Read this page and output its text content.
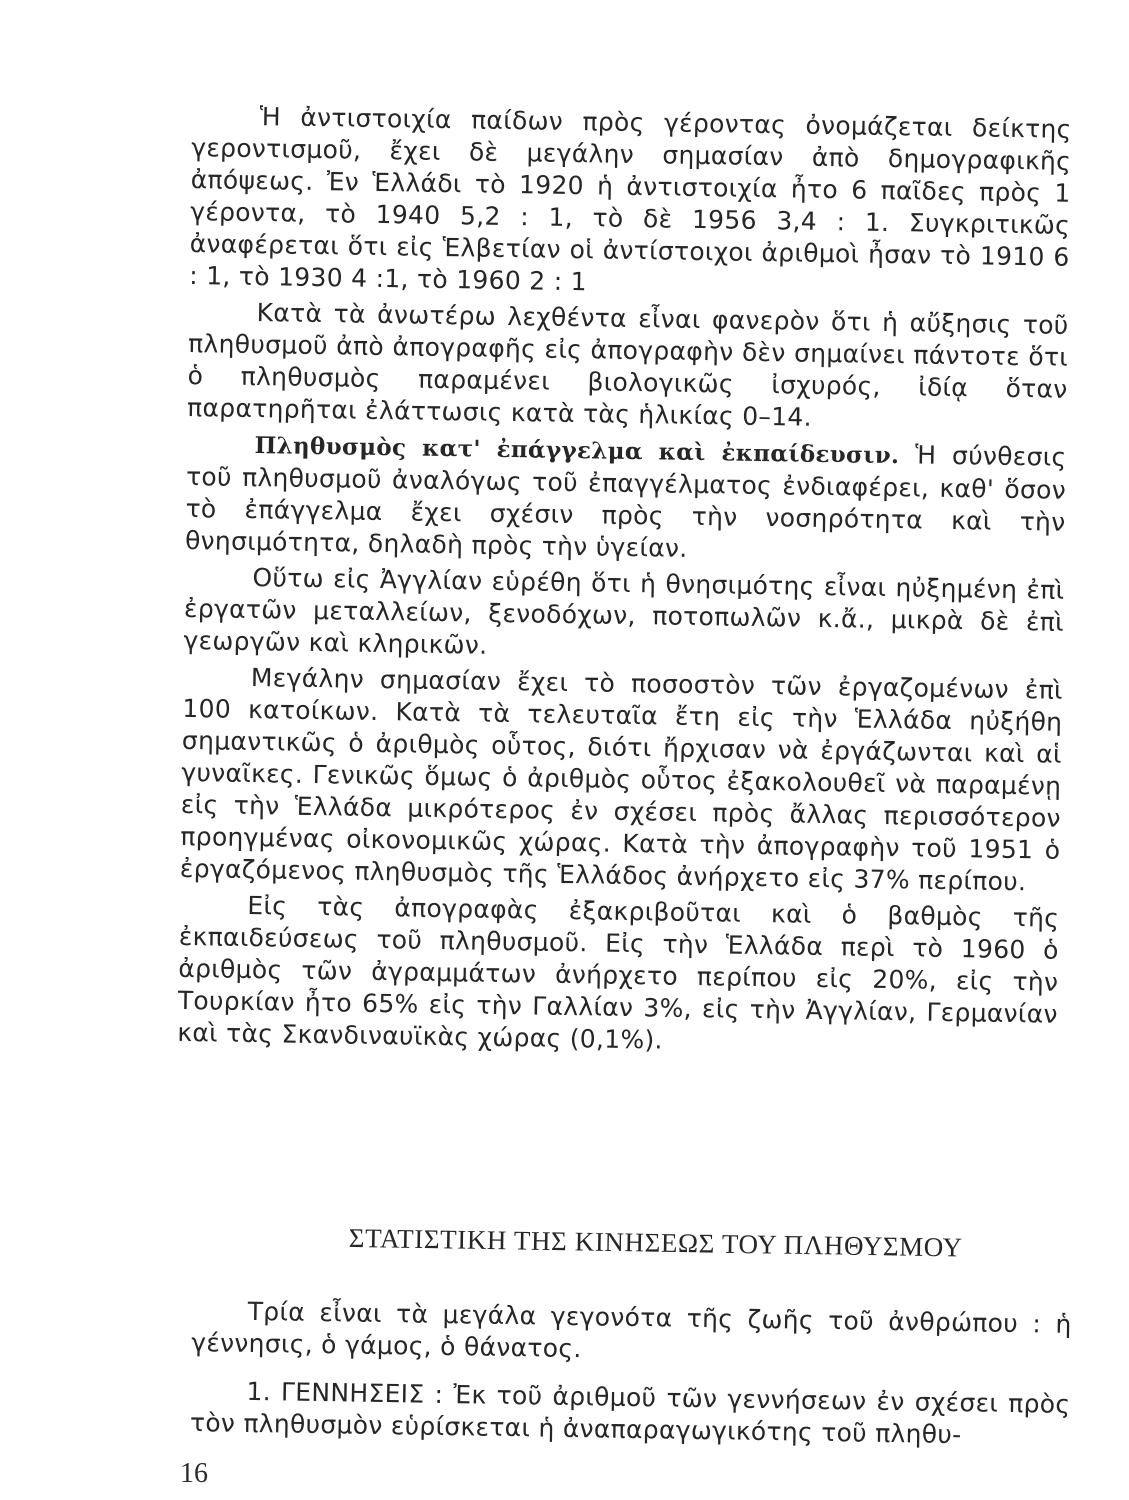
Ἡ ἀντιστοιχία παίδων πρὸς γέροντας ὀνομάζεται δείκτης γεροντισμοῦ, ἔχει δὲ μεγάλην σημασίαν ἀπὸ δημογραφικῆς ἀπόψεως. Ἐν Ἑλλάδι τὸ 1920 ἡ ἀντιστοιχία ἦτο 6 παῖδες πρὸς 1 γέροντα, τὸ 1940 5,2 : 1, τὸ δὲ 1956 3,4 : 1. Συγκριτικῶς ἀναφέρεται ὅτι εἰς Ἑλβετίαν οἱ ἀντίστοιχοι ἀριθμοὶ ἦσαν τὸ 1910 6 : 1, τὸ 1930 4 :1, τὸ 1960 2 : 1

Κατὰ τὰ ἀνωτέρω λεχθέντα εἶναι φανερὸν ὅτι ἡ αὔξησις τοῦ πληθυσμοῦ ἀπὸ ἀπογραφῆς εἰς ἀπογραφὴν δὲν σημαίνει πάντοτε ὅτι ὁ πληθυσμὸς παραμένει βιολογικῶς ἰσχυρός, ἰδίᾳ ὅταν παρατηρῆται ἐλάττωσις κατὰ τὰς ἡλικίας 0–14.

Πληθυσμὸς κατ' ἐπάγγελμα καὶ ἐκπαίδευσιν. Ἡ σύνθεσις τοῦ πληθυσμοῦ ἀναλόγως τοῦ ἐπαγγέλματος ἐνδιαφέρει, καθ' ὅσον τὸ ἐπάγγελμα ἔχει σχέσιν πρὸς τὴν νοσηρότητα καὶ τὴν θνησιμότητα, δηλαδὴ πρὸς τὴν ὑγείαν.

Οὕτω εἰς Ἀγγλίαν εὑρέθη ὅτι ἡ θνησιμότης εἶναι ηὐξημένη ἐπὶ ἐργατῶν μεταλλείων, ξενοδόχων, ποτοπωλῶν κ.ἄ., μικρὰ δὲ ἐπὶ γεωργῶν καὶ κληρικῶν.

Μεγάλην σημασίαν ἔχει τὸ ποσοστὸν τῶν ἐργαζομένων ἐπὶ 100 κατοίκων. Κατὰ τὰ τελευταῖα ἔτη εἰς τὴν Ἑλλάδα ηὐξήθη σημαντικῶς ὁ ἀριθμὸς οὗτος, διότι ἤρχισαν νὰ ἐργάζωνται καὶ αἱ γυναῖκες. Γενικῶς ὅμως ὁ ἀριθμὸς οὗτος ἐξακολουθεῖ νὰ παραμένῃ εἰς τὴν Ἑλλάδα μικρότερος ἐν σχέσει πρὸς ἄλλας περισσότερον προηγμένας οἰκονομικῶς χώρας. Κατὰ τὴν ἀπογραφὴν τοῦ 1951 ὁ ἐργαζόμενος πληθυσμὸς τῆς Ἑλλάδος ἀνήρχετο εἰς 37% περίπου.

Εἰς τὰς ἀπογραφὰς ἐξακριβοῦται καὶ ὁ βαθμὸς τῆς ἐκπαιδεύσεως τοῦ πληθυσμοῦ. Εἰς τὴν Ἑλλάδα περὶ τὸ 1960 ὁ ἀριθμὸς τῶν ἀγραμμάτων ἀνήρχετο περίπου εἰς 20%, εἰς τὴν Τουρκίαν ἦτο 65% εἰς τὴν Γαλλίαν 3%, εἰς τὴν Ἀγγλίαν, Γερμανίαν καὶ τὰς Σκανδιναυϊκὰς χώρας (0,1%).

ΣΤΑΤΙΣΤΙΚΗ ΤΗΣ ΚΙΝΗΣΕΩΣ ΤΟΥ ΠΛΗΘΥΣΜΟΥ

Τρία εἶναι τὰ μεγάλα γεγονότα τῆς ζωῆς τοῦ ἀνθρώπου : ἡ γέννησις, ὁ γάμος, ὁ θάνατος.

1. ΓΕΝΝΗΣΕΙΣ : Ἐκ τοῦ ἀριθμοῦ τῶν γεννήσεων ἐν σχέσει πρὸς τὸν πληθυσμὸν εὑρίσκεται ἡ ἀναπαραγωγικότης τοῦ πληθυ-

16
